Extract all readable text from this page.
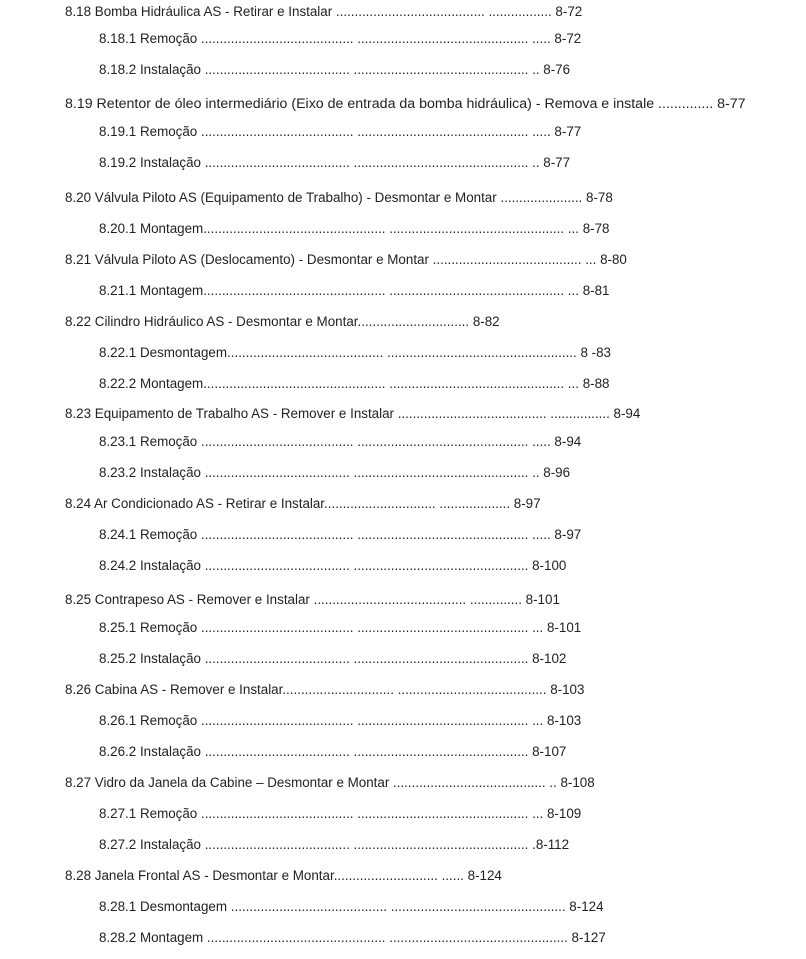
8.18 Bomba Hidráulica AS - Retirar e Instalar ........................................ ................. 8-72

8.18.1 Remoção ......................................... .............................................. ..... 8-72

8.18.2 Instalação ....................................... ............................................... .. 8-76

8.19 Retentor de óleo intermediário (Eixo de entrada da bomba hidráulica) - Remova e instale .............. 8-77

8.19.1 Remoção ......................................... .............................................. ..... 8-77

8.19.2 Instalação ....................................... ............................................... .. 8-77

8.20 Válvula Piloto AS (Equipamento de Trabalho) - Desmontar e Montar ...................... 8-78

8.20.1 Montagem................................................. ............................................... ... 8-78

8.21 Válvula Piloto AS (Deslocamento) - Desmontar e Montar ........................................ ... 8-80

8.21.1 Montagem................................................. ............................................... ... 8-81

8.22 Cilindro Hidráulico AS - Desmontar e Montar.............................. 8-82

8.22.1 Desmontagem.......................................... ................................................... 8 -83

8.22.2 Montagem................................................. ............................................... ... 8-88

8.23 Equipamento de Trabalho AS - Remover e Instalar ........................................ ................ 8-94

8.23.1 Remoção ......................................... .............................................. ..... 8-94

8.23.2 Instalação ....................................... ............................................... .. 8-96

8.24 Ar Condicionado AS - Retirar e Instalar.............................. ................... 8-97

8.24.1 Remoção ......................................... .............................................. ..... 8-97

8.24.2 Instalação ....................................... ............................................... 8-100

8.25 Contrapeso AS - Remover e Instalar ......................................... .............. 8-101

8.25.1 Remoção ......................................... .............................................. ... 8-101

8.25.2 Instalação ....................................... ............................................... 8-102

8.26 Cabina AS - Remover e Instalar.............................. ........................................ 8-103

8.26.1 Remoção ......................................... .............................................. ... 8-103

8.26.2 Instalação ....................................... ............................................... 8-107

8.27 Vidro da Janela da Cabine – Desmontar e Montar ......................................... .. 8-108

8.27.1 Remoção ......................................... .............................................. ... 8-109

8.27.2 Instalação ....................................... ............................................... .8-112

8.28 Janela Frontal AS - Desmontar e Montar............................ ...... 8-124

8.28.1 Desmontagem .......................................... ............................................... 8-124

8.28.2 Montagem ................................................ ................................................ 8-127
